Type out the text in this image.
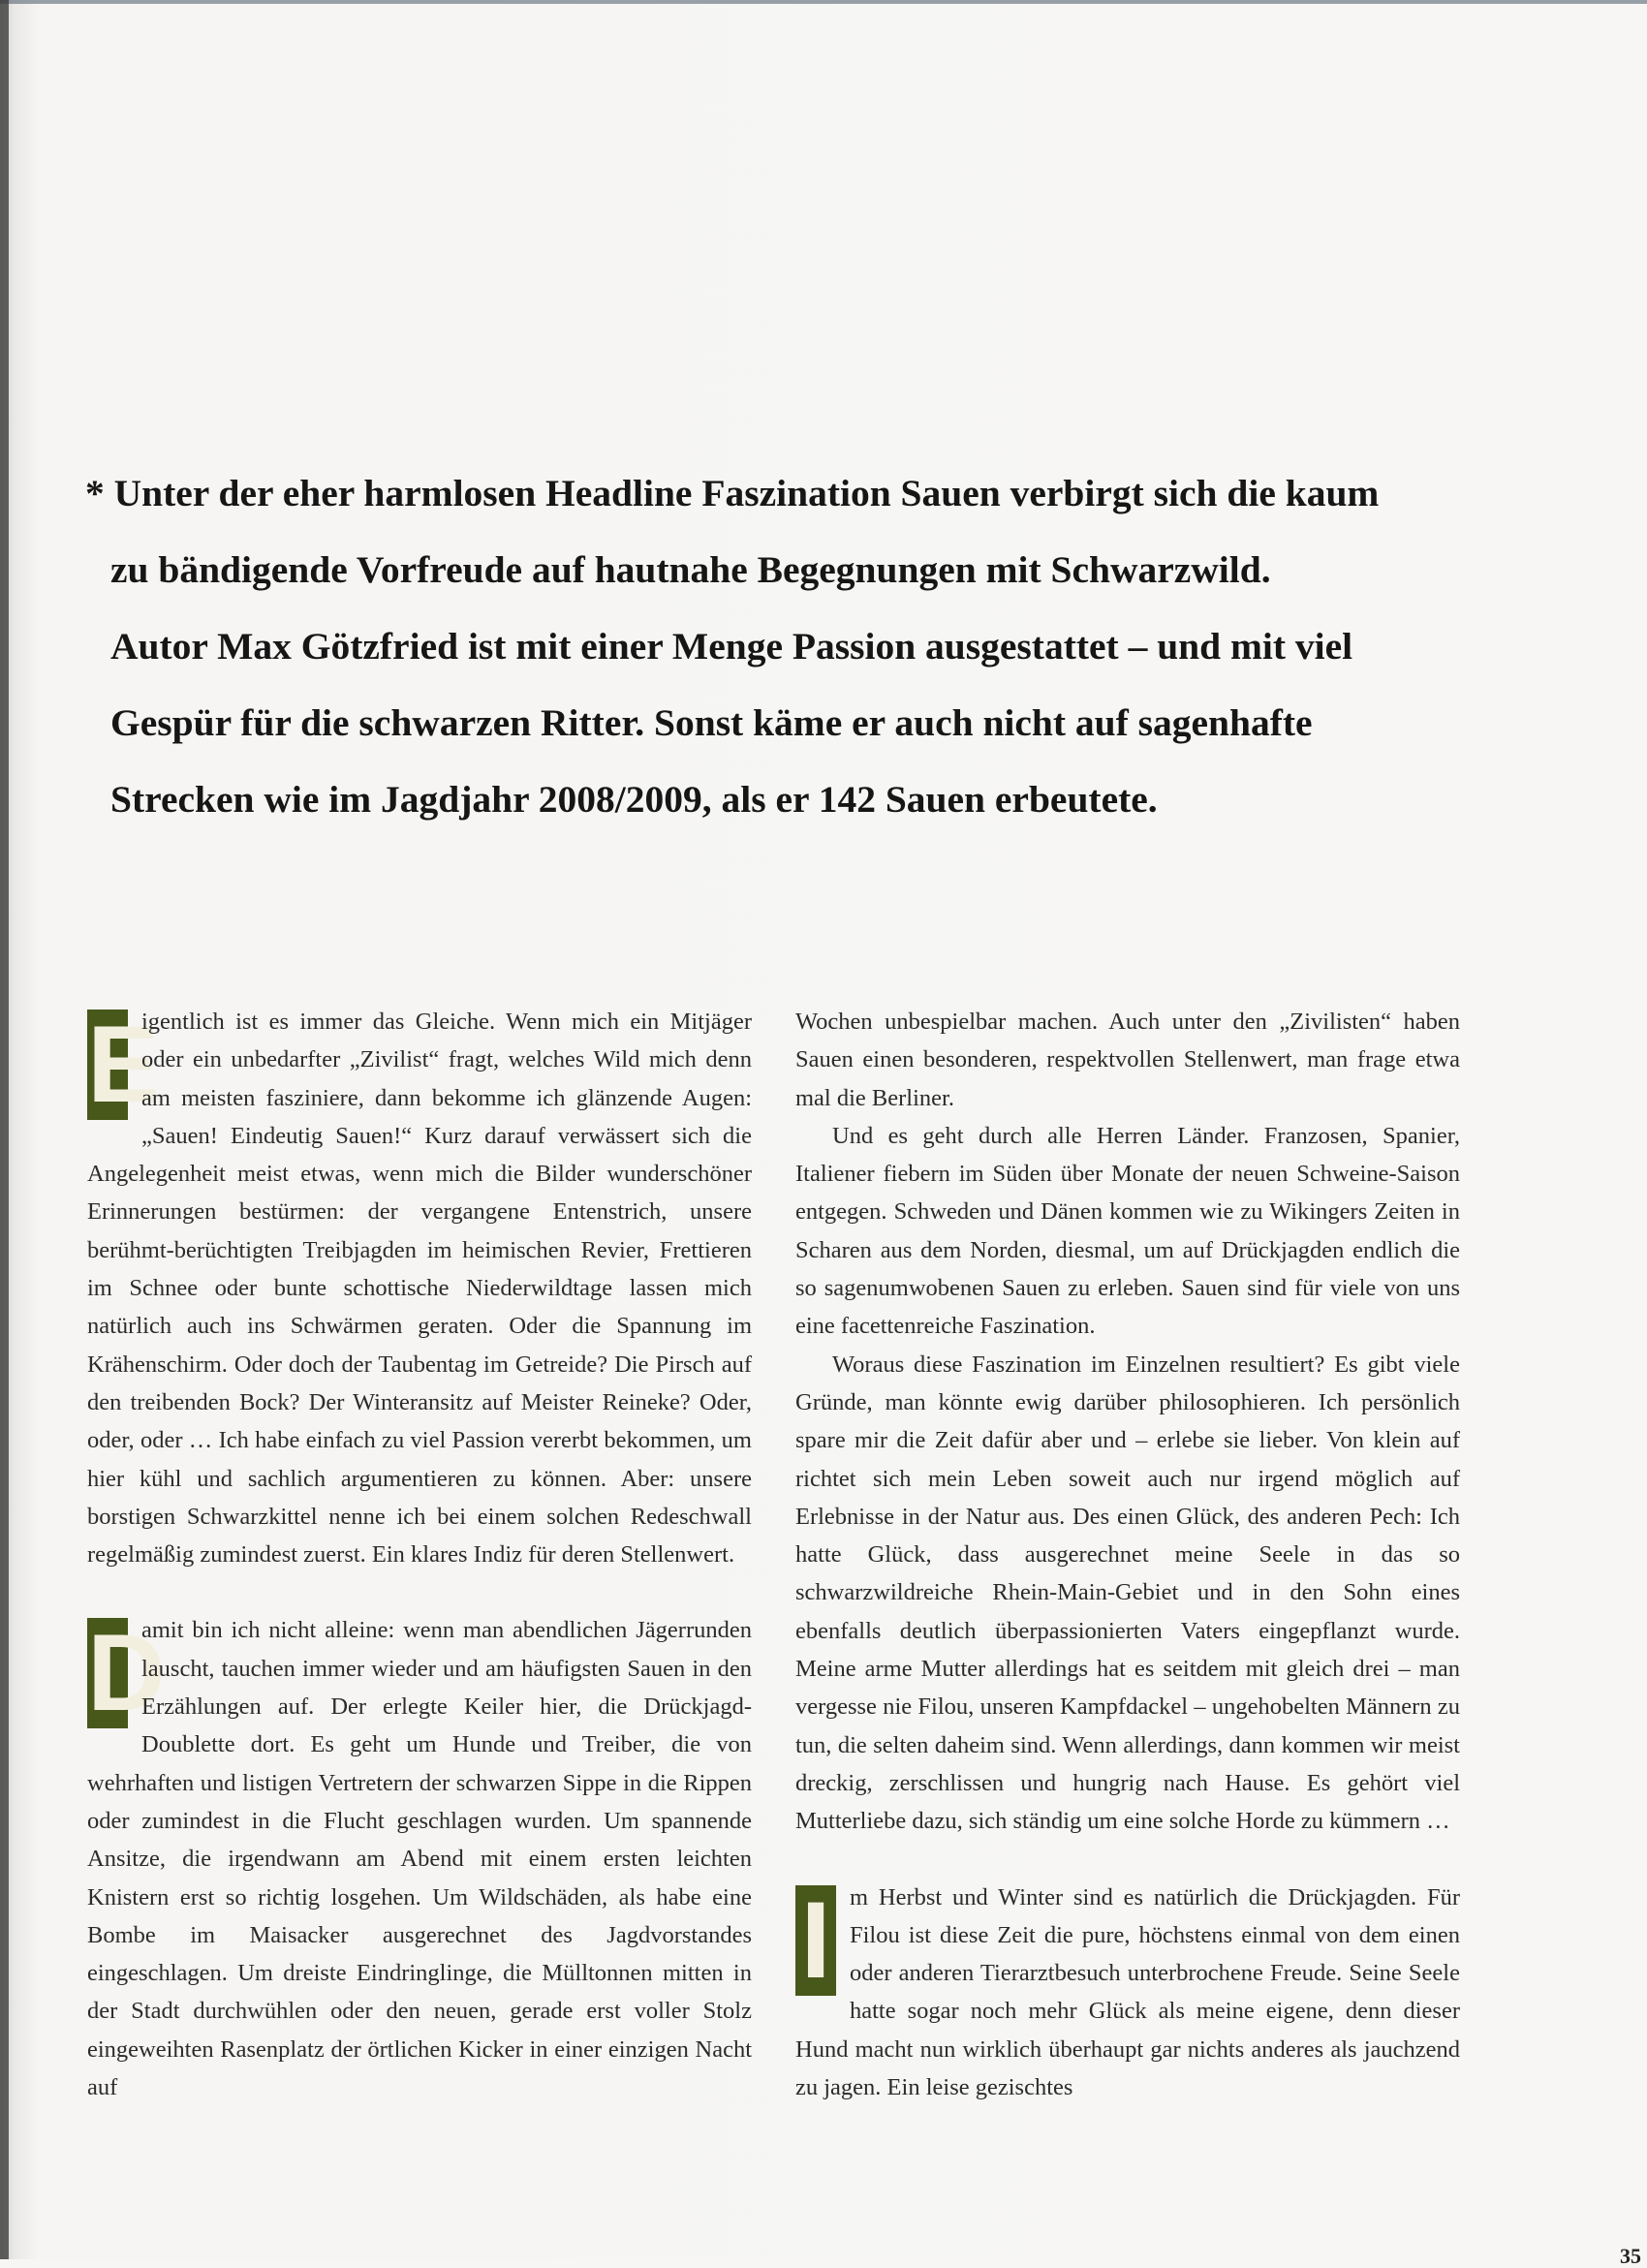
* Unter der eher harmlosen Headline Faszination Sauen verbirgt sich die kaum
zu bändigende Vorfreude auf hautnahe Begegnungen mit Schwarzwild.
Autor Max Götzfried ist mit einer Menge Passion ausgestattet – und mit viel
Gespür für die schwarzen Ritter. Sonst käme er auch nicht auf sagenhafte
Strecken wie im Jagdjahr 2008/2009, als er 142 Sauen erbeutete.

E
igentlich ist es immer das Gleiche. Wenn mich ein Mitjäger oder ein unbedarfter „Zivilist“ fragt, welches Wild mich denn am meisten fasziniere, dann bekomme ich glänzende Augen: „Sauen! Eindeutig Sauen!“ Kurz darauf verwässert sich die Angelegenheit meist etwas, wenn mich die Bilder wunderschöner Erinnerungen bestürmen: der vergangene Entenstrich, unsere berühmt-berüchtigten Treibjagden im heimischen Revier, Frettieren im Schnee oder bunte schottische Niederwildtage lassen mich natürlich auch ins Schwärmen geraten. Oder die Spannung im Krähenschirm. Oder doch der Taubentag im Getreide? Die Pirsch auf den treibenden Bock? Der Winteransitz auf Meister Reineke? Oder, oder, oder … Ich habe einfach zu viel Passion vererbt bekommen, um hier kühl und sachlich argumentieren zu können. Aber: unsere borstigen Schwarzkittel nenne ich bei einem solchen Redeschwall regelmäßig zumindest zuerst. Ein klares Indiz für deren Stellenwert.

D
amit bin ich nicht alleine: wenn man abendlichen Jägerrunden lauscht, tauchen immer wieder und am häufigsten Sauen in den Erzählungen auf. Der erlegte Keiler hier, die Drückjagd-Doublette dort. Es geht um Hunde und Treiber, die von wehrhaften und listigen Vertretern der schwarzen Sippe in die Rippen oder zumindest in die Flucht geschlagen wurden. Um spannende Ansitze, die irgendwann am Abend mit einem ersten leichten Knistern erst so richtig losgehen. Um Wildschäden, als habe eine Bombe im Maisacker ausgerechnet des Jagdvorstandes eingeschlagen. Um dreiste Eindringlinge, die Mülltonnen mitten in der Stadt durchwühlen oder den neuen, gerade erst voller Stolz eingeweihten Rasenplatz der örtlichen Kicker in einer einzigen Nacht auf

Wochen unbespielbar machen. Auch unter den „Zivilisten“ haben Sauen einen besonderen, respektvollen Stellenwert, man frage etwa mal die Berliner.

Und es geht durch alle Herren Länder. Franzosen, Spanier, Italiener fiebern im Süden über Monate der neuen Schweine-Saison entgegen. Schweden und Dänen kommen wie zu Wikingers Zeiten in Scharen aus dem Norden, diesmal, um auf Drückjagden endlich die so sagenumwobenen Sauen zu erleben. Sauen sind für viele von uns eine facettenreiche Faszination.

Woraus diese Faszination im Einzelnen resultiert? Es gibt viele Gründe, man könnte ewig darüber philosophieren. Ich persönlich spare mir die Zeit dafür aber und – erlebe sie lieber. Von klein auf richtet sich mein Leben soweit auch nur irgend möglich auf Erlebnisse in der Natur aus. Des einen Glück, des anderen Pech: Ich hatte Glück, dass ausgerechnet meine Seele in das so schwarzwildreiche Rhein-Main-Gebiet und in den Sohn eines ebenfalls deutlich überpassionierten Vaters eingepflanzt wurde. Meine arme Mutter allerdings hat es seitdem mit gleich drei – man vergesse nie Filou, unseren Kampfdackel – ungehobelten Männern zu tun, die selten daheim sind. Wenn allerdings, dann kommen wir meist dreckig, zerschlissen und hungrig nach Hause. Es gehört viel Mutterliebe dazu, sich ständig um eine solche Horde zu kümmern …

I m Herbst und Winter sind es natürlich die Drückjagden. Für Filou ist diese Zeit die pure, höchstens einmal von dem einen oder anderen Tierarztbesuch unterbrochene Freude. Seine Seele hatte sogar noch mehr Glück als meine eigene, denn dieser Hund macht nun wirklich überhaupt gar nichts anderes als jauchzend zu jagen. Ein leise gezischtes

35
